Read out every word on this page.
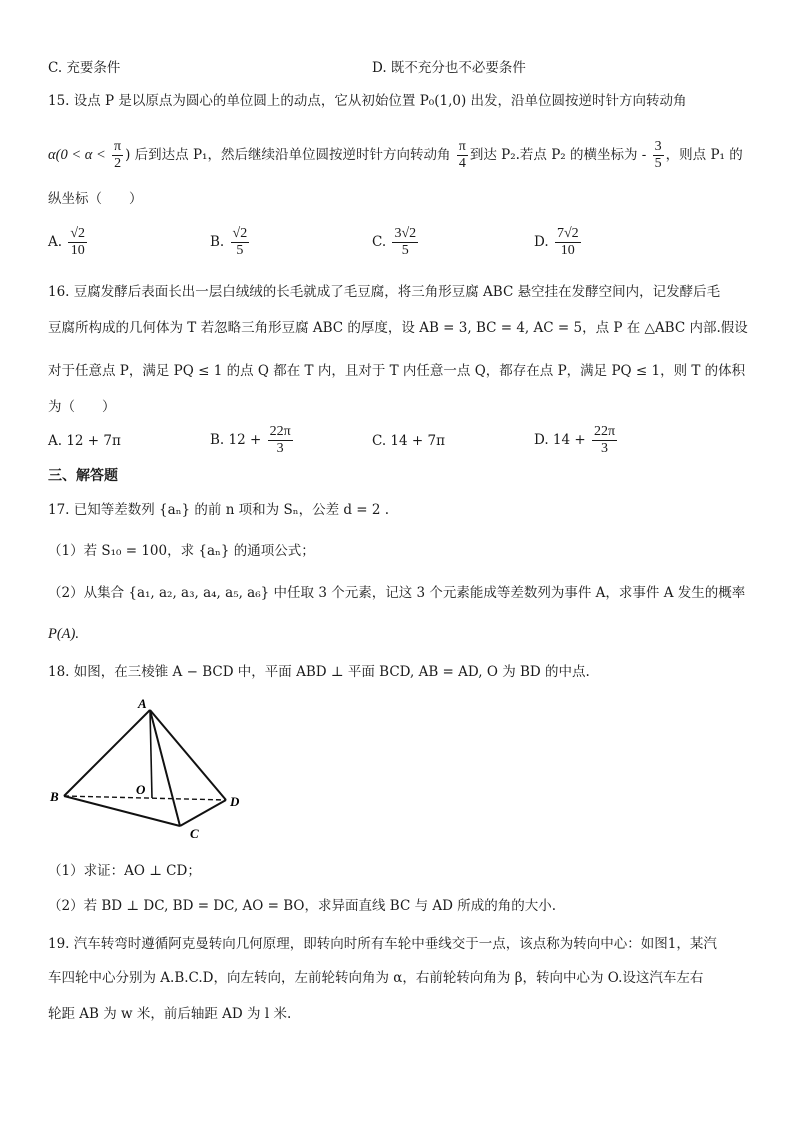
C. 充要条件	D. 既不充分也不必要条件
15. 设点 P 是以原点为圆心的单位圆上的动点，它从初始位置 P₀(1,0) 出发，沿单位圆按逆时针方向转动角
$\alpha(0 < \alpha < \frac{\pi}{2}$ ) 后到达点 P₁，然后继续沿单位圆按逆时针方向转动角 $\frac{\pi}{4}$ 到达 P₂.若点 P₂ 的横坐标为 - $\frac{3}{5}$ ，则点 P₁ 的
纵坐标（　　）
A. $\frac{√2}{10}$	B. $\frac{√2}{5}$	C. $\frac{3√2}{5}$	D. $\frac{7√2}{10}$
16. 豆腐发酵后表面长出一层白绒绒的长毛就成了毛豆腐，将三角形豆腐 ABC 悬空挂在发酵空间内，记发酵后毛
豆腐所构成的几何体为 T 若忽略三角形豆腐 ABC 的厚度，设 AB = 3, BC = 4, AC = 5，点 P 在 △ABC 内部.假设
对于任意点 P，满足 PQ ≤ 1 的点 Q 都在 T 内，且对于 T 内任意一点 Q，都存在点 P，满足 PQ ≤ 1，则 T 的体积
为（　　）
A. 12 + 7π	B. $12 + \frac{22\pi}{3}$	C. 14 + 7π	D. $14 + \frac{22\pi}{3}$
三、解答题
17. 已知等差数列 {aₙ} 的前 n 项和为 Sₙ，公差 d = 2 .
（1）若 S₁₀ = 100，求 {aₙ} 的通项公式；
（2）从集合 {a₁, a₂, a₃, a₄, a₅, a₆} 中任取 3 个元素，记这 3 个元素能成等差数列为事件 A，求事件 A 发生的概率
P(A).
18. 如图，在三棱锥 A − BCD 中，平面 ABD ⊥ 平面 BCD, AB = AD, O 为 BD 的中点.
A
B	O
D
C
（1）求证：AO ⊥ CD；
（2）若 BD ⊥ DC, BD = DC, AO = BO，求异面直线 BC 与 AD 所成的角的大小.
19. 汽车转弯时遵循阿克曼转向几何原理，即转向时所有车轮中垂线交于一点，该点称为转向中心：如图1，某汽
车四轮中心分别为 A.B.C.D，向左转向，左前轮转向角为 α，右前轮转向角为 β，转向中心为 O.设这汽车左右
轮距 AB 为 w 米，前后轴距 AD 为 l 米.
